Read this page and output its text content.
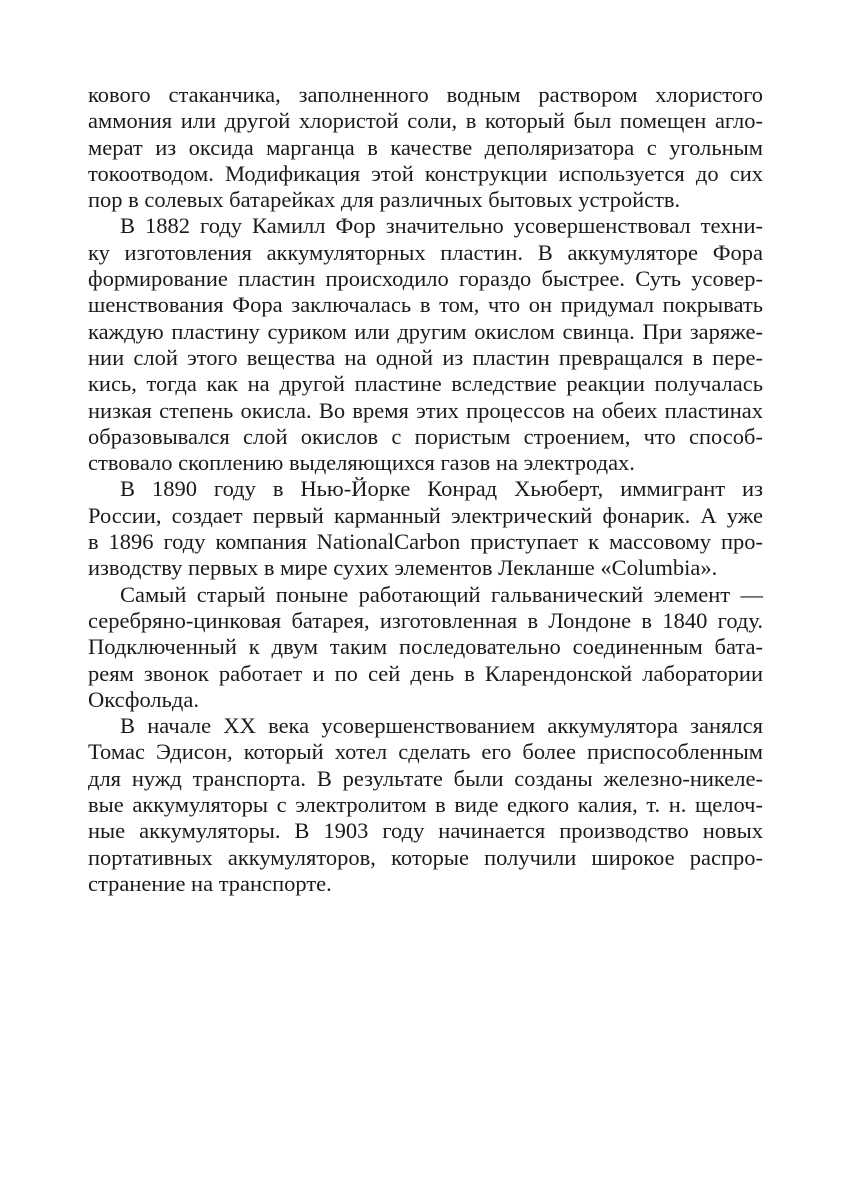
кового стаканчика, заполненного водным раствором хлористого
аммония или другой хлористой соли, в который был помещен агло-
мерат из оксида марганца в качестве деполяризатора с угольным
токоотводом. Модификация этой конструкции используется до сих
пор в солевых батарейках для различных бытовых устройств.
В 1882 году Камилл Фор значительно усовершенствовал техни-
ку изготовления аккумуляторных пластин. В аккумуляторе Фора
формирование пластин происходило гораздо быстрее. Суть усовер-
шенствования Фора заключалась в том, что он придумал покрывать
каждую пластину суриком или другим окислом свинца. При заряже-
нии слой этого вещества на одной из пластин превращался в пере-
кись, тогда как на другой пластине вследствие реакции получалась
низкая степень окисла. Во время этих процессов на обеих пластинах
образовывался слой окислов с пористым строением, что способ-
ствовало скоплению выделяющихся газов на электродах.
В 1890 году в Нью-Йорке Конрад Хьюберт, иммигрант из
России, создает первый карманный электрический фонарик. А уже
в 1896 году компания NationalCarbon приступает к массовому про-
изводству первых в мире сухих элементов Лекланше «Columbia».
Самый старый поныне работающий гальванический элемент —
серебряно-цинковая батарея, изготовленная в Лондоне в 1840 году.
Подключенный к двум таким последовательно соединенным бата-
реям звонок работает и по сей день в Кларендонской лаборатории
Оксфольда.
В начале XX века усовершенствованием аккумулятора занялся
Томас Эдисон, который хотел сделать его более приспособленным
для нужд транспорта. В результате были созданы железно-никеле-
вые аккумуляторы с электролитом в виде едкого калия, т. н. щелоч-
ные аккумуляторы. В 1903 году начинается производство новых
портативных аккумуляторов, которые получили широкое распро-
странение на транспорте.
